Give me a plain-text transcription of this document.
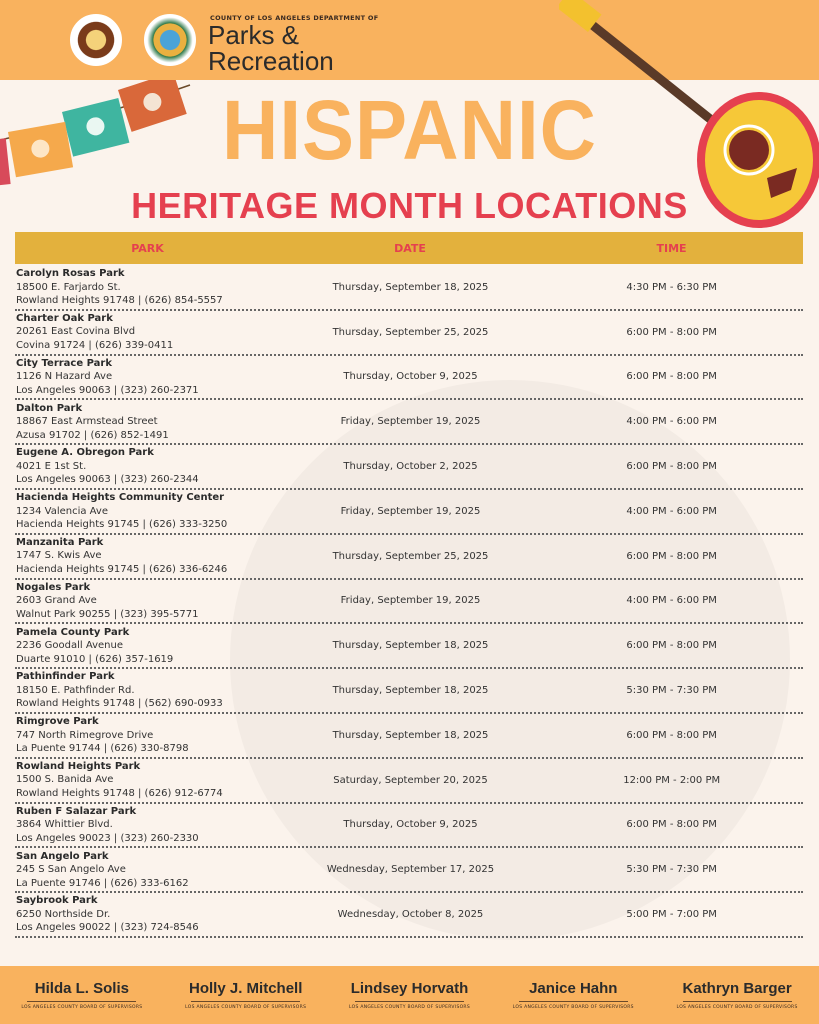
COUNTY OF LOS ANGELES DEPARTMENT OF
Parks &
Recreation
HISPANIC
HERITAGE MONTH LOCATIONS
PARK	DATE	TIME
Carolyn Rosas Park
18500 E. Farjardo St.
Rowland Heights 91748 | (626) 854-5557
Thursday, September 18, 2025	4:30 PM - 6:30 PM
Charter Oak Park
20261 East Covina Blvd
Covina 91724 | (626) 339-0411
Thursday, September 25, 2025	6:00 PM - 8:00 PM
City Terrace Park
1126 N Hazard Ave
Los Angeles 90063 | (323) 260-2371
Thursday, October 9, 2025	6:00 PM - 8:00 PM
Dalton Park
18867 East Armstead Street
Azusa 91702 | (626) 852-1491
Friday, September 19, 2025	4:00 PM - 6:00 PM
Eugene A. Obregon Park
4021 E 1st St.
Los Angeles 90063 | (323) 260-2344
Thursday, October 2, 2025	6:00 PM - 8:00 PM
Hacienda Heights Community Center
1234 Valencia Ave
Hacienda Heights 91745 | (626) 333-3250
Friday, September 19, 2025	4:00 PM - 6:00 PM
Manzanita Park
1747 S. Kwis Ave
Hacienda Heights 91745 | (626) 336-6246
Thursday, September 25, 2025	6:00 PM - 8:00 PM
Nogales Park
2603 Grand Ave
Walnut Park 90255 | (323) 395-5771
Friday, September 19, 2025	4:00 PM - 6:00 PM
Pamela County Park
2236 Goodall Avenue
Duarte 91010 | (626) 357-1619
Thursday, September 18, 2025	6:00 PM - 8:00 PM
Pathinfinder Park
18150 E. Pathfinder Rd.
Rowland Heights 91748 | (562) 690-0933
Thursday, September 18, 2025	5:30 PM - 7:30 PM
Rimgrove Park
747 North Rimegrove Drive
La Puente 91744 | (626) 330-8798
Thursday, September 18, 2025	6:00 PM - 8:00 PM
Rowland Heights Park
1500 S. Banida Ave
Rowland Heights 91748 | (626) 912-6774
Saturday, September 20, 2025	12:00 PM - 2:00 PM
Ruben F Salazar Park
3864 Whittier Blvd.
Los Angeles 90023 | (323) 260-2330
Thursday, October 9, 2025	6:00 PM - 8:00 PM
San Angelo Park
245 S San Angelo Ave
La Puente 91746 | (626) 333-6162
Wednesday, September 17, 2025	5:30 PM - 7:30 PM
Saybrook Park
6250 Northside Dr.
Los Angeles 90022 | (323) 724-8546
Wednesday, October 8, 2025	5:00 PM - 7:00 PM
Hilda L. Solis
LOS ANGELES COUNTY BOARD OF SUPERVISORS
Holly J. Mitchell
LOS ANGELES COUNTY BOARD OF SUPERVISORS
Lindsey Horvath
LOS ANGELES COUNTY BOARD OF SUPERVISORS
Janice Hahn
LOS ANGELES COUNTY BOARD OF SUPERVISORS
Kathryn Barger
LOS ANGELES COUNTY BOARD OF SUPERVISORS
